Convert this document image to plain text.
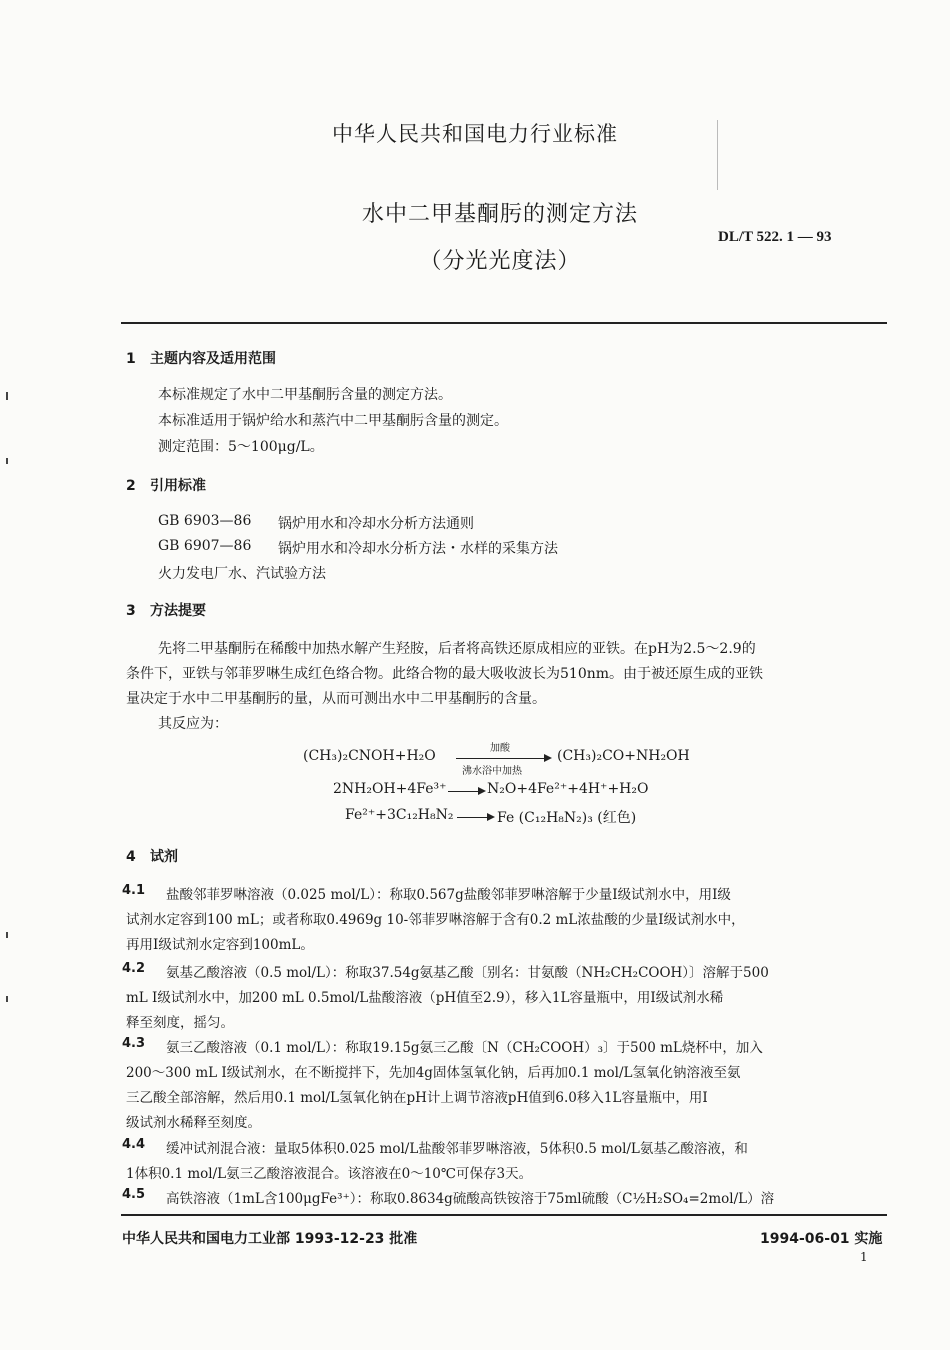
中华人民共和国电力行业标准
水中二甲基酮肟的测定方法
DL/T 522. 1 — 93
（分光光度法）
1 主题内容及适用范围
本标准规定了水中二甲基酮肟含量的测定方法。
本标准适用于锅炉给水和蒸汽中二甲基酮肟含量的测定。
测定范围：5～100μg/L。
2 引用标准
GB 6903—86 锅炉用水和冷却水分析方法通则
GB 6907—86 锅炉用水和冷却水分析方法・水样的采集方法
火力发电厂水、汽试验方法
3 方法提要
先将二甲基酮肟在稀酸中加热水解产生羟胺，后者将高铁还原成相应的亚铁。在pH为2.5～2.9的
条件下，亚铁与邻菲罗啉生成红色络合物。此络合物的最大吸收波长为510nm。由于被还原生成的亚铁
量决定于水中二甲基酮肟的量，从而可测出水中二甲基酮肟的含量。
其反应为：
(CH₃)₂CNOH+H₂O	加酸
沸水浴中加热
(CH₃)₂CO+NH₂OH
2NH₂OH+4Fe³⁺	N₂O+4Fe²⁺+4H⁺+H₂O
Fe²⁺+3C₁₂H₈N₂	Fe (C₁₂H₈N₂)₃ (红色)
4 试剂
4.1 盐酸邻菲罗啉溶液（0.025 mol/L）：称取0.567g盐酸邻菲罗啉溶解于少量Ⅰ级试剂水中，用Ⅰ级
试剂水定容到100 mL；或者称取0.4969g 10-邻菲罗啉溶解于含有0.2 mL浓盐酸的少量Ⅰ级试剂水中，
再用Ⅰ级试剂水定容到100mL。
4.2 氨基乙酸溶液（0.5 mol/L）：称取37.54g氨基乙酸〔别名：甘氨酸（NH₂CH₂COOH）〕溶解于500
mL Ⅰ级试剂水中，加200 mL 0.5mol/L盐酸溶液（pH值至2.9），移入1L容量瓶中，用Ⅰ级试剂水稀
释至刻度，摇匀。
4.3 氨三乙酸溶液（0.1 mol/L）：称取19.15g氨三乙酸〔N（CH₂COOH）₃〕于500 mL烧杯中，加入
200～300 mL Ⅰ级试剂水，在不断搅拌下，先加4g固体氢氧化钠，后再加0.1 mol/L氢氧化钠溶液至氨
三乙酸全部溶解，然后用0.1 mol/L氢氧化钠在pH计上调节溶液pH值到6.0移入1L容量瓶中，用Ⅰ
级试剂水稀释至刻度。
4.4 缓冲试剂混合液：量取5体积0.025 mol/L盐酸邻菲罗啉溶液，5体积0.5 mol/L氨基乙酸溶液，和
1体积0.1 mol/L氨三乙酸溶液混合。该溶液在0～10℃可保存3天。
4.5 高铁溶液（1mL含100μgFe³⁺）：称取0.8634g硫酸高铁铵溶于75ml硫酸（C½H₂SO₄=2mol/L）溶
中华人民共和国电力工业部 1993-12-23 批准	1994-06-01 实施
1
